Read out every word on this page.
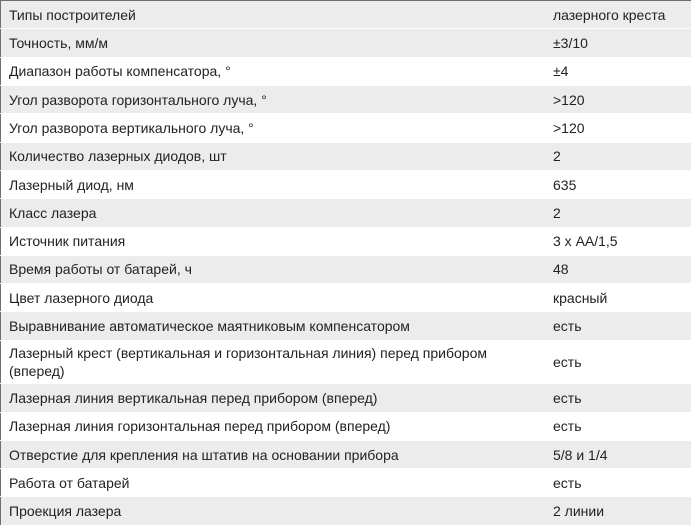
Типы построителей	лазерного креста
Точность, мм/м	±3/10
Диапазон работы компенсатора, °	±4
Угол разворота горизонтального луча, °	>120
Угол разворота вертикального луча, °	>120
Количество лазерных диодов, шт	2
Лазерный диод, нм	635
Класс лазера	2
Источник питания	3 х АА/1,5
Время работы от батарей, ч	48
Цвет лазерного диода	красный
Выравнивание автоматическое маятниковым компенсатором	есть
Лазерный крест (вертикальная и горизонтальная линия) перед прибором (вперед)	есть
Лазерная линия вертикальная перед прибором (вперед)	есть
Лазерная линия горизонтальная перед прибором (вперед)	есть
Отверстие для крепления на штатив на основании прибора	5/8 и 1/4
Работа от батарей	есть
Проекция лазера	2 линии
